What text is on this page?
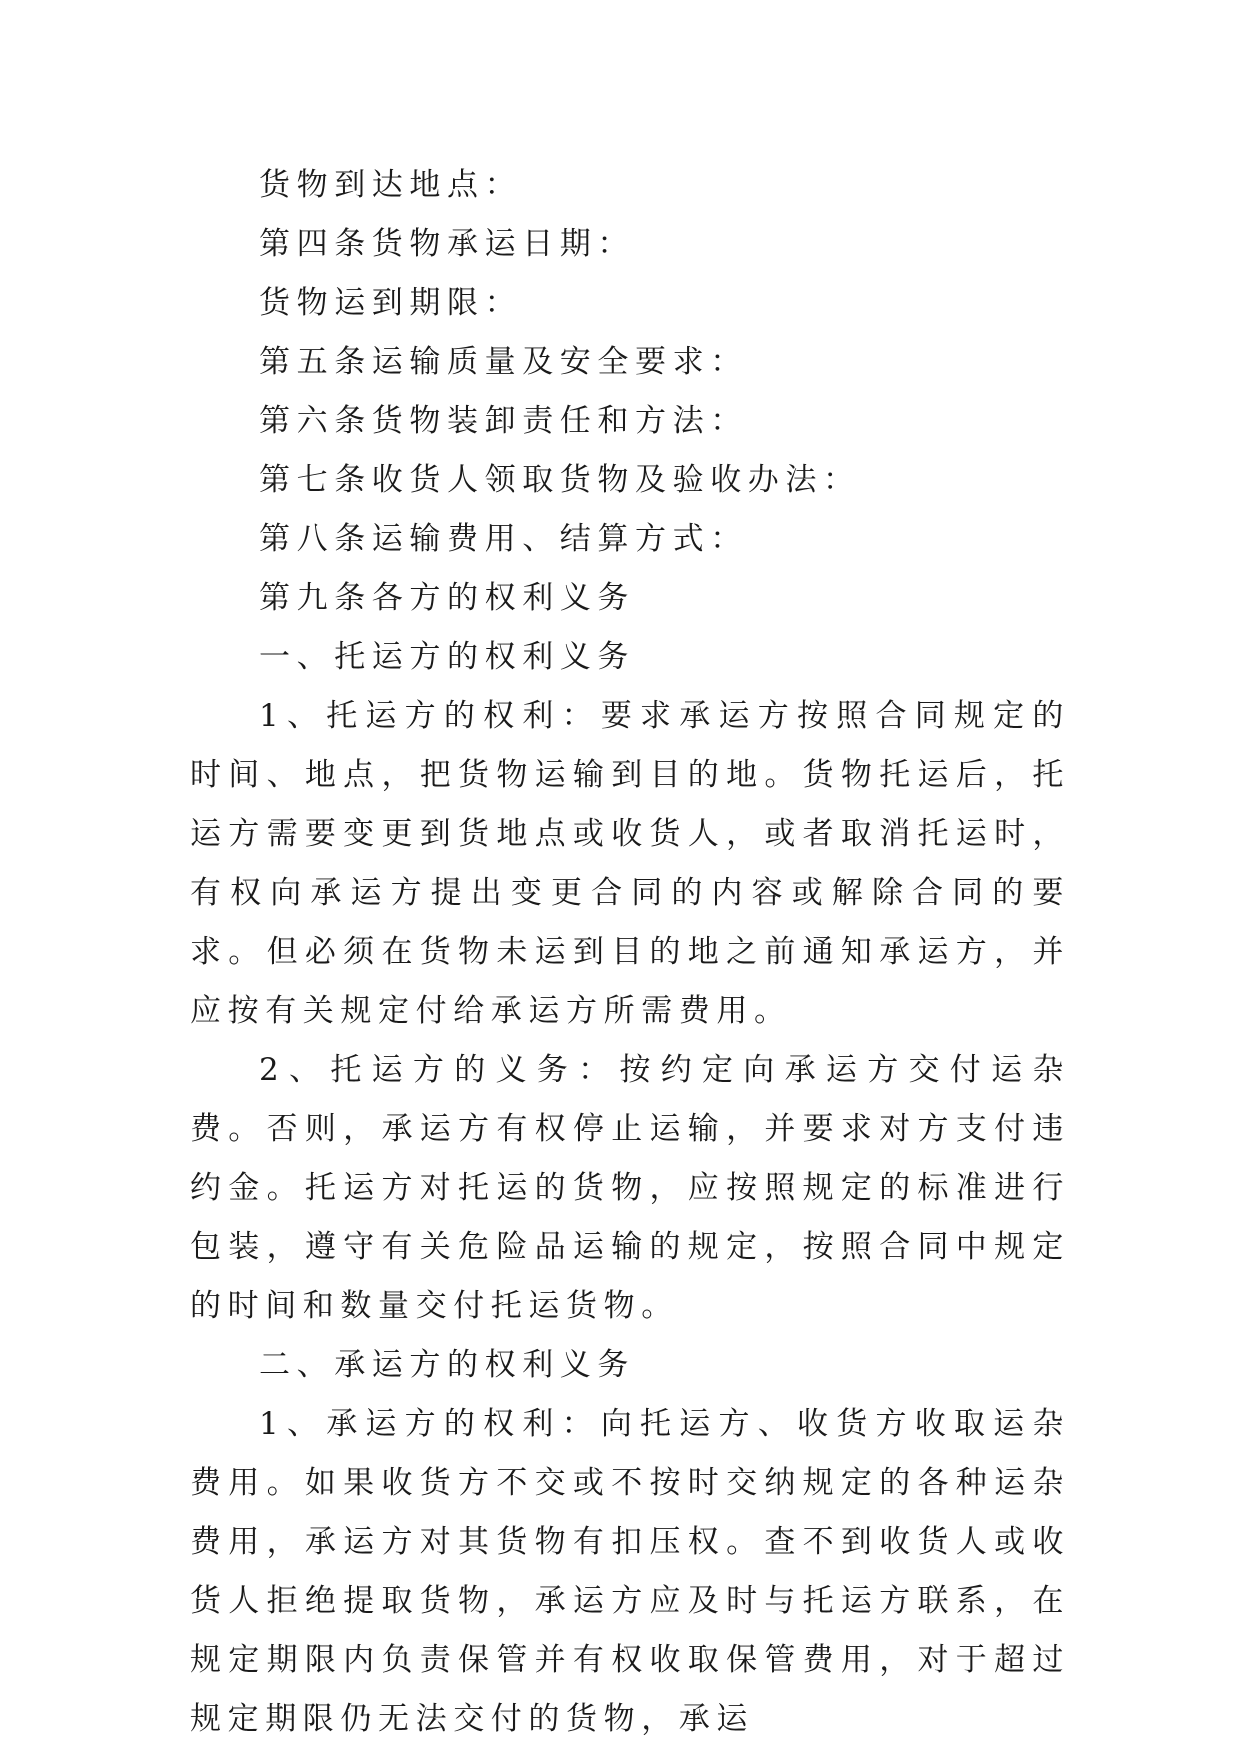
货物到达地点：

第四条货物承运日期：

货物运到期限：

第五条运输质量及安全要求：

第六条货物装卸责任和方法：

第七条收货人领取货物及验收办法：

第八条运输费用、结算方式：

第九条各方的权利义务

一、托运方的权利义务

1、托运方的权利：要求承运方按照合同规定的时间、地点，把货物运输到目的地。货物托运后，托运方需要变更到货地点或收货人，或者取消托运时，有权向承运方提出变更合同的内容或解除合同的要求。但必须在货物未运到目的地之前通知承运方，并应按有关规定付给承运方所需费用。

2、托运方的义务：按约定向承运方交付运杂费。否则，承运方有权停止运输，并要求对方支付违约金。托运方对托运的货物，应按照规定的标准进行包装，遵守有关危险品运输的规定，按照合同中规定的时间和数量交付托运货物。

二、承运方的权利义务

1、承运方的权利：向托运方、收货方收取运杂费用。如果收货方不交或不按时交纳规定的各种运杂费用，承运方对其货物有扣压权。查不到收货人或收货人拒绝提取货物，承运方应及时与托运方联系，在规定期限内负责保管并有权收取保管费用，对于超过规定期限仍无法交付的货物，承运
